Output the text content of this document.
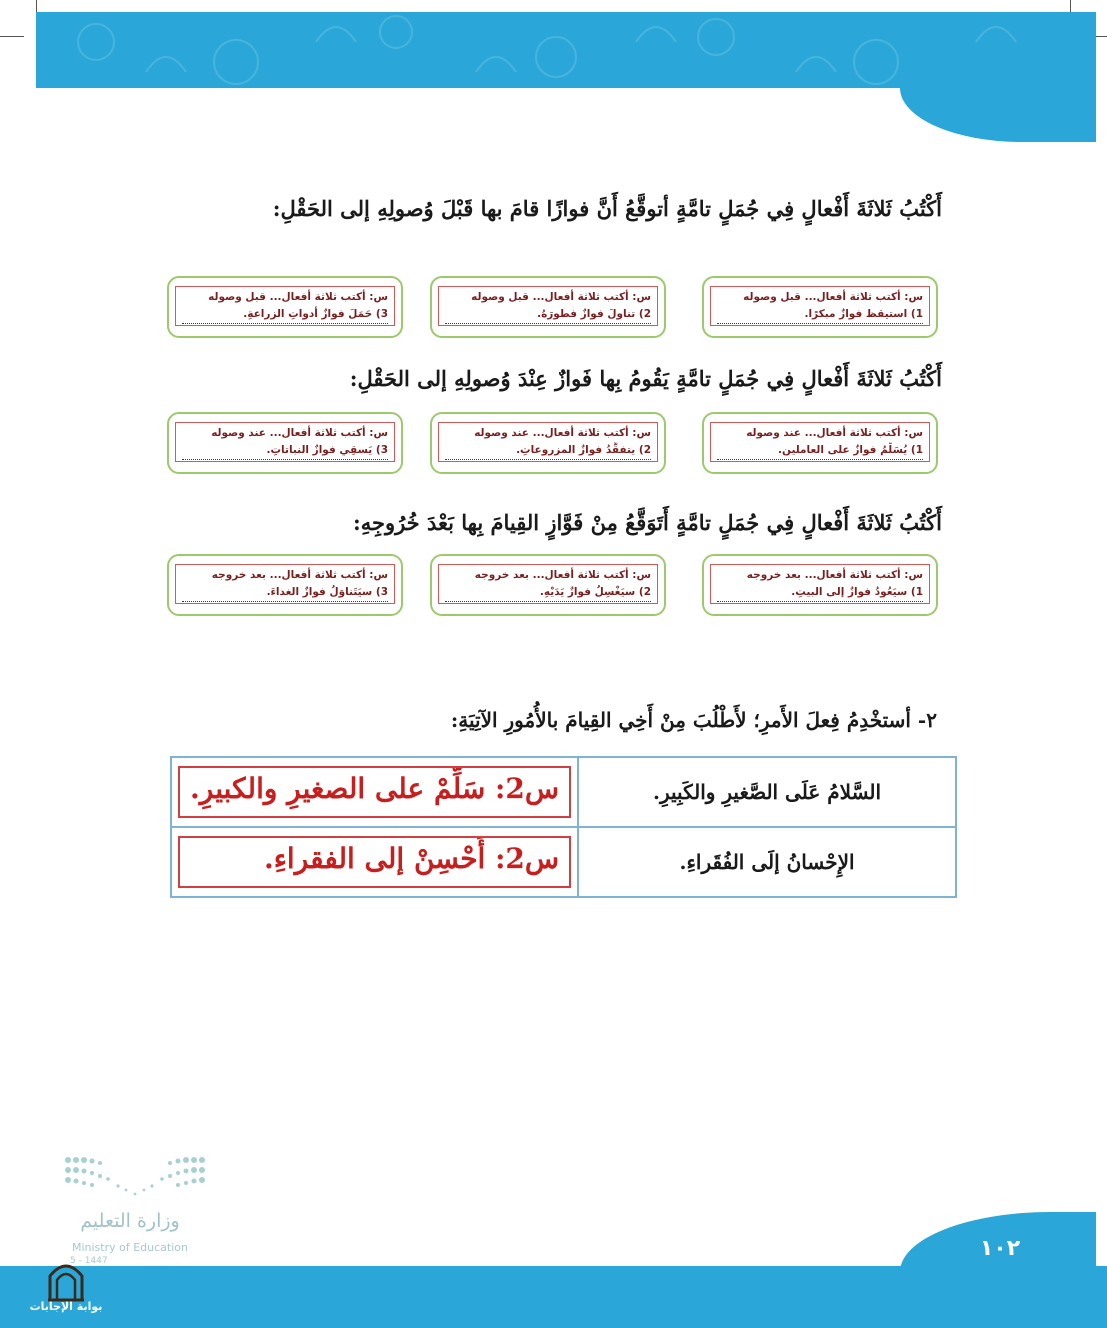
أَكْتُبُ ثَلاثَةَ أَفْعالٍ فِي جُمَلٍ تامَّةٍ أتوقَّعُ أَنَّ فوازًا قامَ بها قَبْلَ وُصولِهِ إلى الحَقْلِ:
أَكْتُبُ ثَلاثَةَ أَفْعالٍ فِي جُمَلٍ تامَّةٍ يَقُومُ بِها فَوازٌ عِنْدَ وُصولِهِ إلى الحَقْلِ:
أَكْتُبُ ثَلاثَةَ أَفْعالٍ فِي جُمَلٍ تامَّةٍ أَتَوَقَّعُ مِنْ فَوَّازٍ القِيامَ بِها بَعْدَ خُرُوجِهِ:
س: أكتب ثلاثة أفعال... قبل وصوله
1) استيقظ فوازٌ مبكرًا.
س: أكتب ثلاثة أفعال... قبل وصوله
2) تناولَ فوازٌ فطورَهُ.
س: أكتب ثلاثة أفعال... قبل وصوله
3) حَمَلَ فوازٌ أدواتِ الزراعةِ.
س: أكتب ثلاثة أفعال... عند وصوله
1) يُسَلِّمُ فوازٌ على العاملين.
س: أكتب ثلاثة أفعال... عند وصوله
2) يتفقَّدُ فوازٌ المزروعاتِ.
س: أكتب ثلاثة أفعال... عند وصوله
3) يَسقِي فوازٌ النباتاتِ.
س: أكتب ثلاثة أفعال... بعد خروجه
1) سيَعُودُ فوازٌ إلى البيتِ.
س: أكتب ثلاثة أفعال... بعد خروجه
2) سيَغْسِلُ فوازٌ يَدَيْهِ.
س: أكتب ثلاثة أفعال... بعد خروجه
3) سيَتَناوَلُ فوازٌ الغداءَ.
٢- أستخْدِمُ فِعلَ الأَمرِ؛ لأَطْلُبَ مِنْ أَخِي القِيامَ بالأُمُورِ الآتِيَةِ:
س2: سَلِّمْ على الصغيرِ والكبيرِ.	السَّلامُ عَلَى الصَّغيرِ والكَبِيرِ.

س2: أَحْسِنْ إلى الفقراءِ.	الإِحْسانُ إلَى الفُقَراءِ.
وزارة التعليم
Ministry of Education	١٠٢
5 - 1447
بوابة الإجابات
